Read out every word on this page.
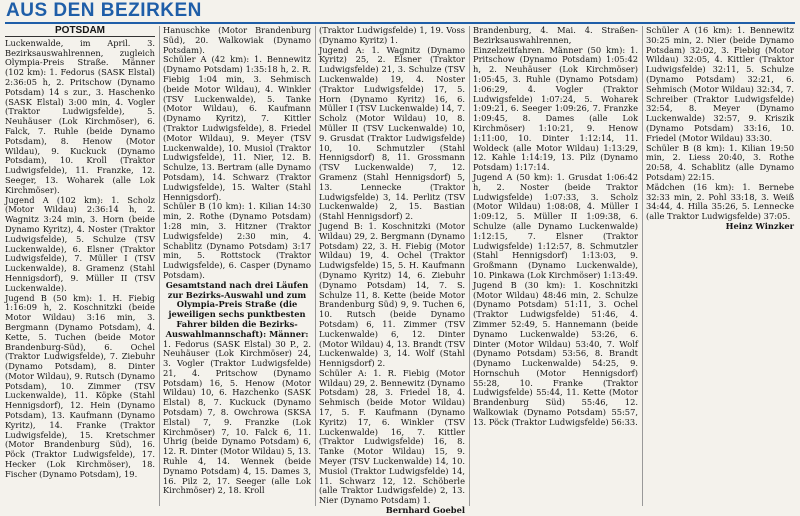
AUS DEN BEZIRKEN
POTSDAM

Luckenwalde, im April. 3. Bezirksauswahlrennen, zugleich Olympia-Preis Straße. Männer (102 km): 1. Fedorus (SASK Elstal) 2:36:05 h, 2. Pritschow (Dynamo Potsdam) 14 s zur., 3. Haschenko (SASK Elstal) 3:00 min, 4. Vogler (Traktor Ludwigsfelde), 5. Neuhäuser (Lok Kirchmöser), 6. Falck, 7. Ruhle (beide Dynamo Potsdam), 8. Henow (Motor Wildau), 9. Kuckuck (Dynamo Potsdam), 10. Kroll (Traktor Ludwigsfelde), 11. Franzke, 12. Seeger, 13. Woharek (alle Lok Kirchmöser).

Jugend A (102 km): 1. Scholz (Motor Wildau) 2:36:14 h, 2. Wagnitz 3:24 min, 3. Horn (beide Dynamo Kyritz), 4. Noster (Traktor Ludwigsfelde), 5. Schulze (TSV Luckenwalde), 6. Elsner (Traktor Ludwigsfelde), 7. Müller I (TSV Luckenwalde), 8. Gramenz (Stahl Hennigsdorf), 9. Müller II (TSV Luckenwalde).

Jugend B (50 km): 1. H. Fiebig 1:16:09 h, 2. Koschnitzki (beide Motor Wildau) 3:16 min, 3. Bergmann (Dynamo Potsdam), 4. Kette, 5. Tuchen (beide Motor Brandenburg-Süd), 6. Ochel (Traktor Ludwigsfelde), 7. Ziebuhr (Dynamo Potsdam), 8. Dinter (Motor Wildau), 9. Rutsch (Dynamo Potsdam), 10. Zimmer (TSV Luckenwalde), 11. Köpke (Stahl Hennigsdorf), 12. Hein (Dynamo Potsdam), 13. Kaufmann (Dynamo Kyritz), 14. Franke (Traktor Ludwigsfelde), 15. Kretschmer (Motor Brandenburg Süd), 16. Pöck (Traktor Ludwigsfelde), 17. Hecker (Lok Kirchmöser), 18. Fischer (Dynamo Potsdam), 19.

Hanuschke (Motor Brandenburg Süd), 20. Walkowiak (Dynamo Potsdam).

Schüler A (42 km): 1. Bennewitz (Dynamo Potsdam) 1:35:18 h, 2. R. Fiebig 1:04 min, 3. Sehmisch (beide Motor Wildau), 4. Winkler (TSV Luckenwalde), 5. Tanke (Motor Wildau), 6. Kaufmann (Dynamo Kyritz), 7. Kittler (Traktor Ludwigsfelde), 8. Friedel (Motor Wildau), 9. Meyer (TSV Luckenwalde), 10. Musiol (Traktor Ludwigsfelde), 11. Nier, 12. B. Schulze, 13. Bertram (alle Dynamo Potsdam), 14. Schwarz (Traktor Ludwigsfelde), 15. Walter (Stahl Hennigsdorf).

Schüler B (10 km): 1. Kilian 14:30 min, 2. Rothe (Dynamo Potsdam) 1:28 min, 3. Hitzner (Traktor Ludwigsfelde) 2:30 min, 4. Schablitz (Dynamo Potsdam) 3:17 min, 5. Rottstock (Traktor Ludwigsfelde), 6. Casper (Dynamo Potsdam).

Gesamtstand nach drei Läufen zur Bezirks-Auswahl und zum Olympia-Preis Straße (die jeweiligen sechs punktbesten Fahrer bilden die Bezirks-Auswahlmannschaft): Männer:

1. Fedorus (SASK Elstal) 30 P., 2. Neuhäuser (Lok Kirchmöser) 24, 3. Vogler (Traktor Ludwigsfelde) 21, 4. Pritschow (Dynamo Potsdam) 16, 5. Henow (Motor Wildau) 10, 6. Hazchenko (SASK Elstal) 8, 7. Kuckuck (Dynamo Potsdam) 7, 8. Owchrowa (SKSA Elstal) 7, 9. Franzke (Lok Kirchmöser) 7, 10. Falck 6, 11. Uhrig (beide Dynamo Potsdam) 6, 12. R. Dinter (Motor Wildau) 5, 13. Ruhle 4, 14. Wennek (beide Dynamo Potsdam) 4, 15. Dames 3, 16. Pilz 2, 17. Seeger (alle Lok Kirchmöser) 2, 18. Kroll

(Traktor Ludwigsfelde) 1, 19. Voss (Dynamo Kyritz) 1.

Jugend A: 1. Wagnitz (Dynamo Kyritz) 25, 2. Elsner (Traktor Ludwigsfelde) 21, 3. Schulze (TSV Luckenwalde) 19, 4. Noster (Traktor Ludwigsfelde) 17, 5. Horn (Dynamo Kyritz) 16, 6. Müller I (TSV Luckenwalde) 14, 7. Scholz (Motor Wildau) 10, 8. Müller II (TSV Luckenwalde) 10, 9. Grusdat (Traktor Ludwigsfelde) 10, 10. Schmutzler (Stahl Hennigsdorf) 8, 11. Grossmann (TSV Luckenwalde) 7, 12. Gramenz (Stahl Hennigsdorf) 5, 13. Lennecke (Traktor Ludwigsfelde) 3, 14. Perlitz (TSV Luckenwalde) 2, 15. Bastian (Stahl Hennigsdorf) 2.

Jugend B: 1. Koschnitzki (Motor Wildau) 29, 2. Bergmann (Dynamo Potsdam) 22, 3. H. Fiebig (Motor Wildau) 19, 4. Ochel (Traktor Ludwigsfelde) 15, 5. H. Kaufmann (Dynamo Kyritz) 14, 6. Ziebuhr (Dynamo Potsdam) 14, 7. S. Schulze 11, 8. Kette (beide Motor Brandenburg Süd) 9, 9. Tuchen 6, 10. Rutsch (beide Dynamo Potsdam) 6, 11. Zimmer (TSV Luckenwalde) 6, 12. Dinter (Motor Wildau) 4, 13. Brandt (TSV Luckenwalde) 3, 14. Wolf (Stahl Hennigsdorf) 2.

Schüler A: 1. R. Fiebig (Motor Wildau) 29, 2. Bennewitz (Dynamo Potsdam) 28, 3. Friedel 18, 4. Sehmisch (beide Motor Wildau) 17, 5. F. Kaufmann (Dynamo Kyritz) 17, 6. Winkler (TSV Luckenwalde) 16, 7. Kittler (Traktor Ludwigsfelde) 16, 8. Tanke (Motor Wildau) 15, 9. Meyer (TSV Luckenwalde) 14, 10. Musiol (Traktor Ludwigsfelde) 14, 11. Schwarz 12, 12. Schöberle (alle Traktor Ludwigsfelde) 2, 13. Nier (Dynamo Potsdam) 1.

Bernhard Goebel

Brandenburg, 4. Mai. 4. Straßen-Bezirksauswahlrennen, Einzelzeitfahren. Männer (50 km): 1. Pritschow (Dynamo Potsdam) 1:05:42 h, 2. Neuhäuser (Lok Kirchmöser) 1:05:45, 3. Ruhle (Dynamo Potsdam) 1:06:29, 4. Vogler (Traktor Ludwigsfelde) 1:07:24, 5. Woharek 1:09:21, 6. Seeger 1:09:26, 7. Franzke 1:09:45, 8. Dames (alle Lok Kirchmöser) 1:10:21, 9. Henow 1:11:00, 10. Dinter 1:12:14, 11. Woldeck (alle Motor Wildau) 1:13:29, 12. Kahle 1:14:19, 13. Pilz (Dynamo Potsdam) 1:17:14.

Jugend A (50 km): 1. Grusdat 1:06:42 h, 2. Noster (beide Traktor Ludwigsfelde) 1:07:33, 3. Scholz (Motor Wildau) 1:08:08, 4. Müller I 1:09:12, 5. Müller II 1:09:38, 6. Schulze (alle Dynamo Luckenwalde) 1:12:15, 7. Elsner (Traktor Ludwigsfelde) 1:12:57, 8. Schmutzler (Stahl Hennigsdorf) 1:13:03, 9. Großmann (Dynamo Luckenwalde), 10. Pinkawa (Lok Kirchmöser) 1:13:49.

Jugend B (30 km): 1. Koschnitzki (Motor Wildau) 48:46 min, 2. Schulze (Dynamo Potsdam) 51:11, 3. Ochel (Traktor Ludwigsfelde) 51:46, 4. Zimmer 52:49, 5. Hannemann (beide Dynamo Luckenwalde) 53:26, 6. Dinter (Motor Wildau) 53:40, 7. Wolf (Dynamo Potsdam) 53:56, 8. Brandt (Dynamo Luckenwalde) 54:25, 9. Hornschuh (Motor Hennigsdorf) 55:28, 10. Franke (Traktor Ludwigsfelde) 55:44, 11. Kette (Motor Brandenburg Süd) 55:46, 12. Walkowiak (Dynamo Potsdam) 55:57, 13. Pöck (Traktor Ludwigsfelde) 56:33.

Schüler A (16 km): 1. Bennewitz 30:25 min, 2. Nier (beide Dynamo Potsdam) 32:02, 3. Fiebig (Motor Wildau) 32:05, 4. Kittler (Traktor Ludwigsfelde) 32:11, 5. Schulze (Dynamo Potsdam) 32:21, 6. Sehmisch (Motor Wildau) 32:34, 7. Schreiber (Traktor Ludwigsfelde) 32:54, 8. Meyer (Dynamo Luckenwalde) 32:57, 9. Kriszik (Dynamo Potsdam) 33:16, 10. Friedel (Motor Wildau) 33:30.

Schüler B (8 km): 1. Kilian 19:50 min, 2. Liess 20:40, 3. Rothe 20:58, 4. Schablitz (alle Dynamo Potsdam) 22:15.

Mädchen (16 km): 1. Bernebe 32:33 min, 2. Pohl 33:18, 3. Weiß 34:44, 4. Hilla 35:26, 5. Lennecke (alle Traktor Ludwigsfelde) 37:05.

Heinz Winzker
